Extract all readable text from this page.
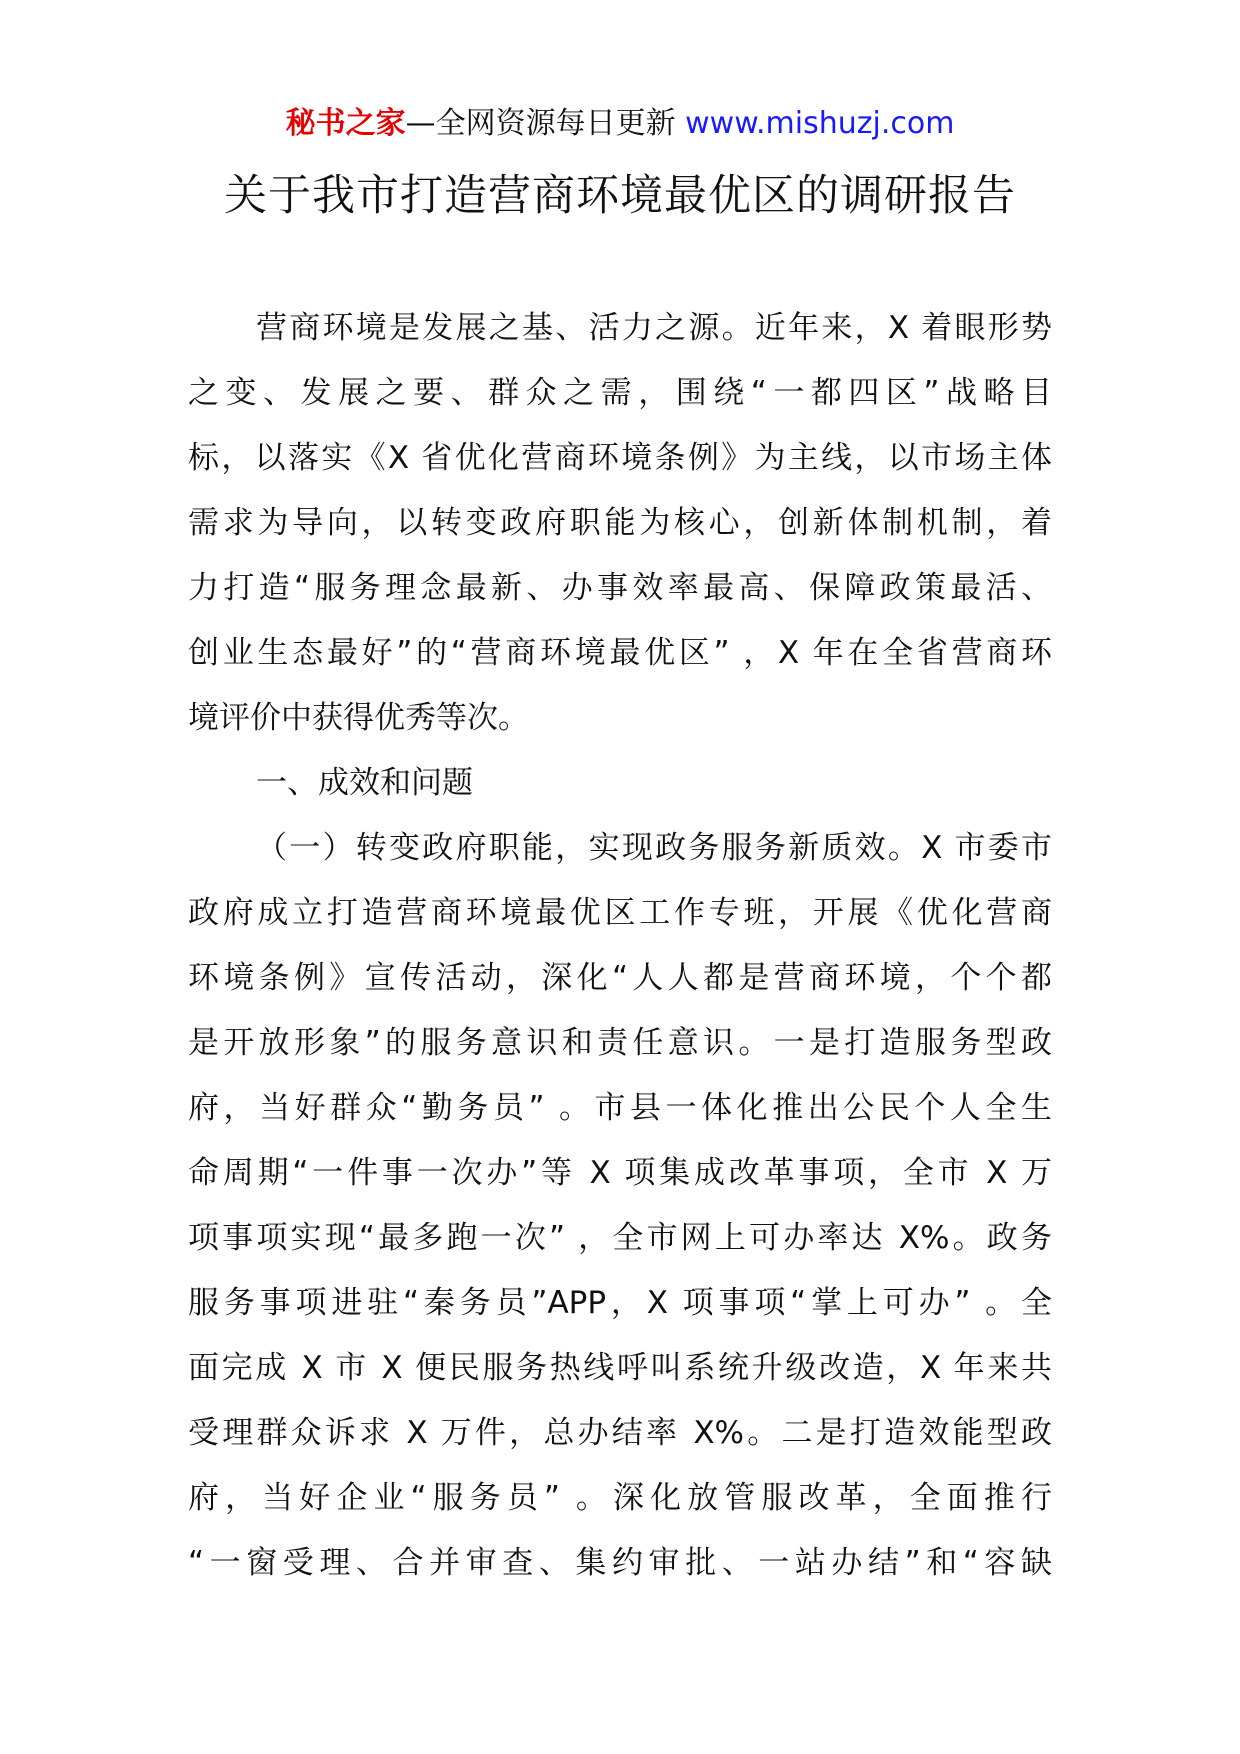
秘书之家—全网资源每日更新 www.mishuzj.com
关于我市打造营商环境最优区的调研报告
营商环境是发展之基、活力之源。近年来，X 着眼形势
之变、发展之要、群众之需，围绕“一都四区”战略目
标，以落实《X 省优化营商环境条例》为主线，以市场主体
需求为导向，以转变政府职能为核心，创新体制机制，着
力打造“服务理念最新、办事效率最高、保障政策最活、
创业生态最好”的“营商环境最优区” ，X 年在全省营商环
境评价中获得优秀等次。
一、成效和问题
（一）转变政府职能，实现政务服务新质效。X 市委市
政府成立打造营商环境最优区工作专班，开展《优化营商
环境条例》宣传活动，深化“人人都是营商环境，个个都
是开放形象”的服务意识和责任意识。一是打造服务型政
府，当好群众“勤务员” 。市县一体化推出公民个人全生
命周期“一件事一次办”等 X 项集成改革事项，全市 X 万
项事项实现“最多跑一次” ，全市网上可办率达 X%。政务
服务事项进驻“秦务员”APP，X 项事项“掌上可办” 。全
面完成 X 市 X 便民服务热线呼叫系统升级改造，X 年来共
受理群众诉求 X 万件，总办结率 X%。二是打造效能型政
府，当好企业“服务员” 。深化放管服改革，全面推行
“一窗受理、合并审查、集约审批、一站办结”和“容缺
